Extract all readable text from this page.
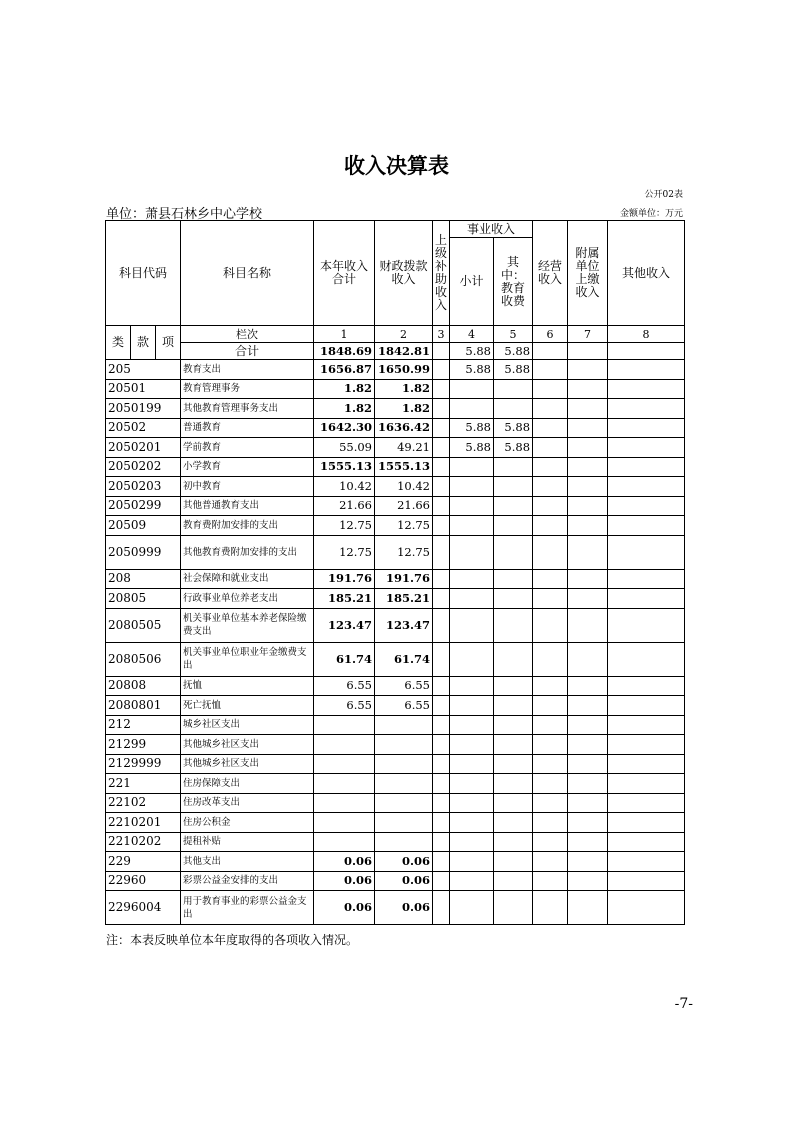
收入决算表
公开02表
单位：萧县石林乡中心学校	金额单位：万元
科目代码			科目名称	本年收入合计	财政拨款收入	上级补助收入	事业收入		经营收入	附属单位上缴收入	其他收入
							小计	其中：教育收费			
类	款	项	栏次	1	2	3	4	5	6	7	8
			合计	1848.69	1842.81		5.88	5.88			
205			教育支出	1656.87	1650.99		5.88	5.88			
20501			教育管理事务	1.82	1.82						
2050199			其他教育管理事务支出	1.82	1.82						
20502			普通教育	1642.30	1636.42		5.88	5.88			
2050201			学前教育	55.09	49.21		5.88	5.88			
2050202			小学教育	1555.13	1555.13						
2050203			初中教育	10.42	10.42						
2050299			其他普通教育支出	21.66	21.66						
20509			教育费附加安排的支出	12.75	12.75						
2050999			其他教育费附加安排的支出	12.75	12.75						
208			社会保障和就业支出	191.76	191.76						
20805			行政事业单位养老支出	185.21	185.21						
2080505			机关事业单位基本养老保险缴费支出	123.47	123.47						
2080506			机关事业单位职业年金缴费支出	61.74	61.74						
20808			抚恤	6.55	6.55						
2080801			死亡抚恤	6.55	6.55						
212			城乡社区支出								
21299			其他城乡社区支出								
2129999			其他城乡社区支出								
221			住房保障支出								
22102			住房改革支出								
2210201			住房公积金								
2210202			提租补贴								
229			其他支出	0.06	0.06						
22960			彩票公益金安排的支出	0.06	0.06						
2296004			用于教育事业的彩票公益金支出	0.06	0.06						
注：本表反映单位本年度取得的各项收入情况。
-7-
